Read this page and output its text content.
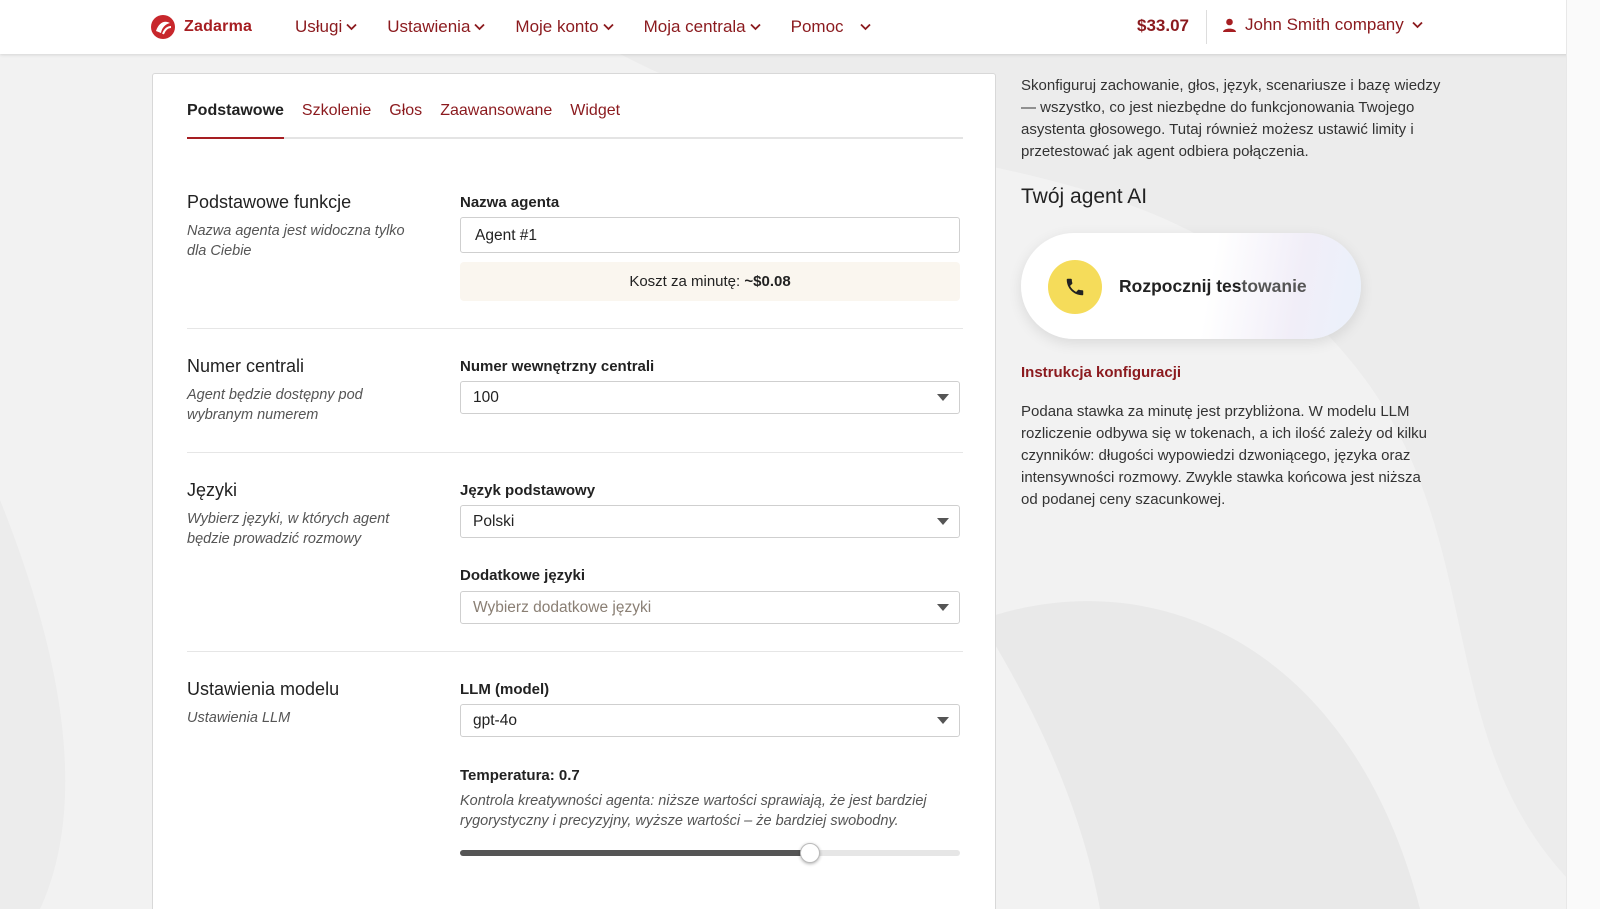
Zadarma	Usługi	Ustawienia	Moje konto	Moja centrala	Pomoc	$33.07	John Smith company
Podstawowe Szkolenie Głos Zaawansowane Widget
Podstawowe funkcje
Nazwa agenta jest widoczna tylko dla Ciebie
Nazwa agenta
Agent #1
Koszt za minutę: ~$0.08
Numer centrali
Agent będzie dostępny pod wybranym numerem
Numer wewnętrzny centrali
100
Języki
Wybierz języki, w których agent będzie prowadzić rozmowy
Język podstawowy
Polski
Dodatkowe języki
Wybierz dodatkowe języki
Ustawienia modelu
Ustawienia LLM
LLM (model)
gpt-4o
Temperatura: 0.7
Kontrola kreatywności agenta: niższe wartości sprawiają, że jest bardziej rygorystyczny i precyzyjny, wyższe wartości – że bardziej swobodny.
Skonfiguruj zachowanie, głos, język, scenariusze i bazę wiedzy — wszystko, co jest niezbędne do funkcjonowania Twojego asystenta głosowego. Tutaj również możesz ustawić limity i przetestować jak agent odbiera połączenia.
Twój agent AI
Rozpocznij testowanie
Instrukcja konfiguracji
Podana stawka za minutę jest przybliżona. W modelu LLM rozliczenie odbywa się w tokenach, a ich ilość zależy od kilku czynników: długości wypowiedzi dzwoniącego, języka oraz intensywności rozmowy. Zwykle stawka końcowa jest niższa od podanej ceny szacunkowej.
